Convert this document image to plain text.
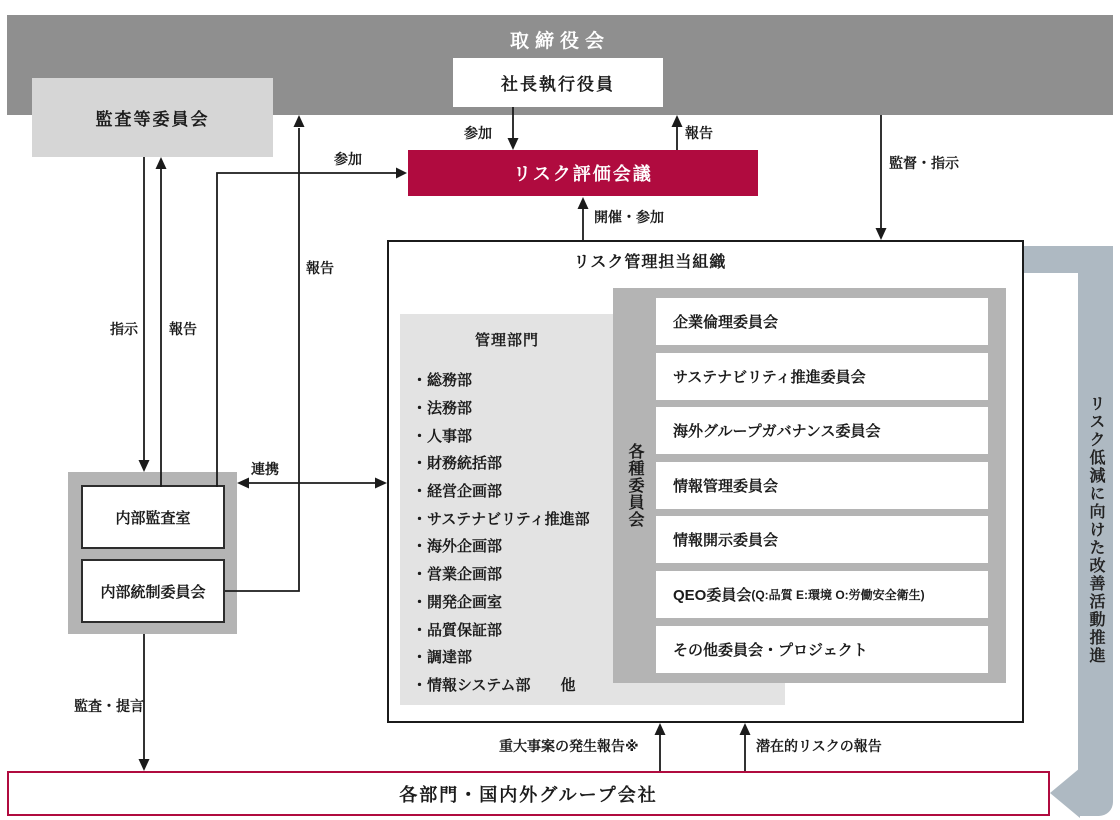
取締役会
社長執行役員
監査等委員会
リスク低減に向けた改善活動推進
リスク評価会議
リスク管理担当組織
管理部門
・総務部
・法務部
・人事部
・財務統括部
・経営企画部
・サステナビリティ推進部
・海外企画部
・営業企画部
・開発企画室
・品質保証部
・調達部
・情報システム部　　他
各種委員会
企業倫理委員会
サステナビリティ推進委員会
海外グループガバナンス委員会
情報管理委員会
情報開示委員会
QEO委員会 (Q:品質 E:環境 O:労働安全衛生)
その他委員会・プロジェクト
内部監査室
内部統制委員会
各部門・国内外グループ会社
指示 報告
参加
報告
連携
監査・提言
参加	報告
監督・指示
開催・参加
重大事案の発生報告※	潜在的リスクの報告
